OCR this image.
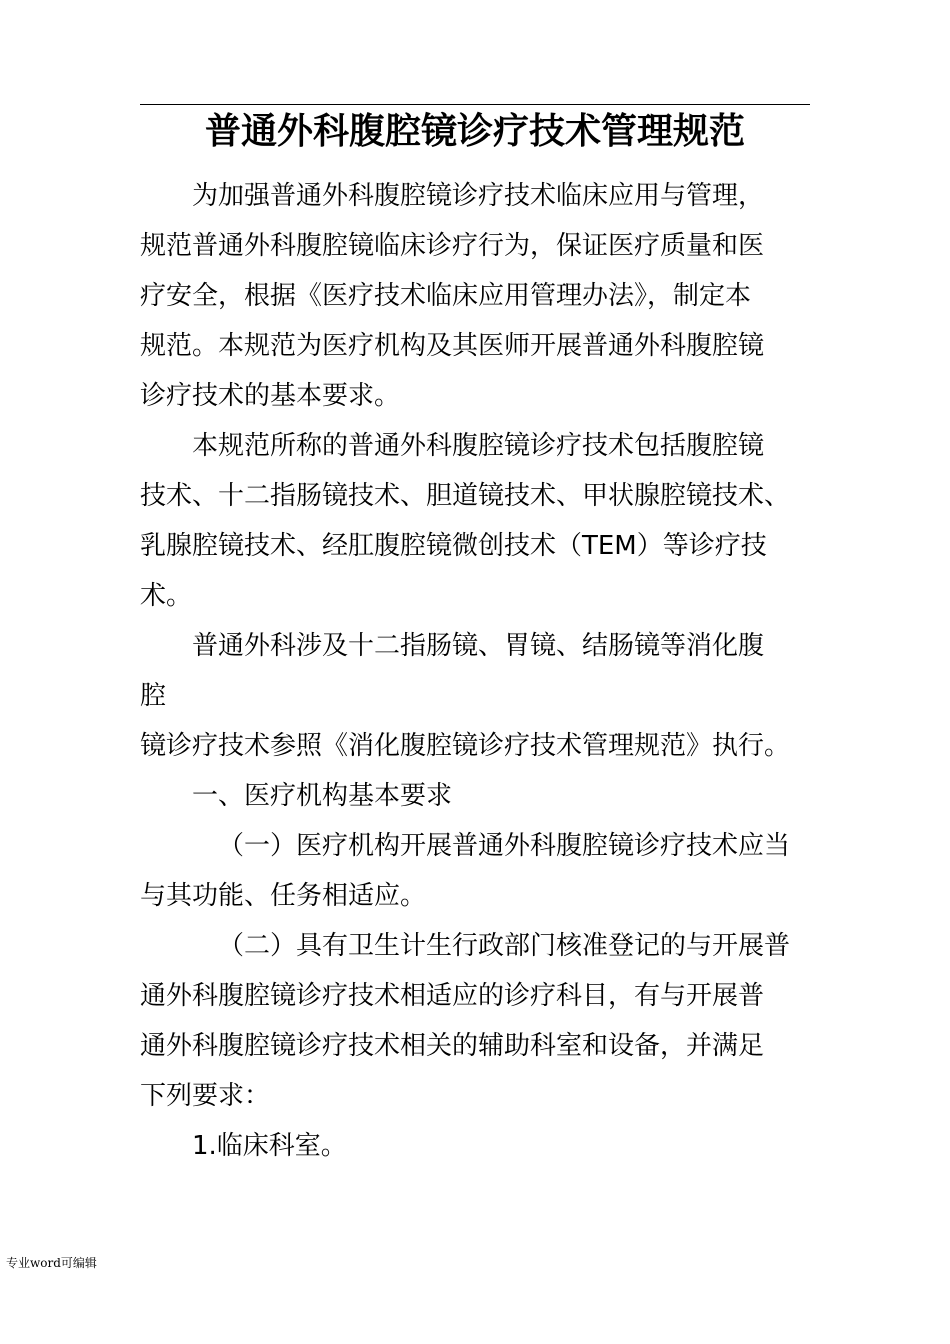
普通外科腹腔镜诊疗技术管理规范
为加强普通外科腹腔镜诊疗技术临床应用与管理，
规范普通外科腹腔镜临床诊疗行为，保证医疗质量和医
疗安全，根据《医疗技术临床应用管理办法》，制定本
规范。本规范为医疗机构及其医师开展普通外科腹腔镜
诊疗技术的基本要求。
本规范所称的普通外科腹腔镜诊疗技术包括腹腔镜
技术、十二指肠镜技术、胆道镜技术、甲状腺腔镜技术、
乳腺腔镜技术、经肛腹腔镜微创技术（TEM）等诊疗技
术。
普通外科涉及十二指肠镜、胃镜、结肠镜等消化腹
腔
镜诊疗技术参照《消化腹腔镜诊疗技术管理规范》执行。
一、医疗机构基本要求
（一）医疗机构开展普通外科腹腔镜诊疗技术应当
与其功能、任务相适应。
（二）具有卫生计生行政部门核准登记的与开展普
通外科腹腔镜诊疗技术相适应的诊疗科目，有与开展普
通外科腹腔镜诊疗技术相关的辅助科室和设备，并满足
下列要求：
1.临床科室。
专业word可编辑
